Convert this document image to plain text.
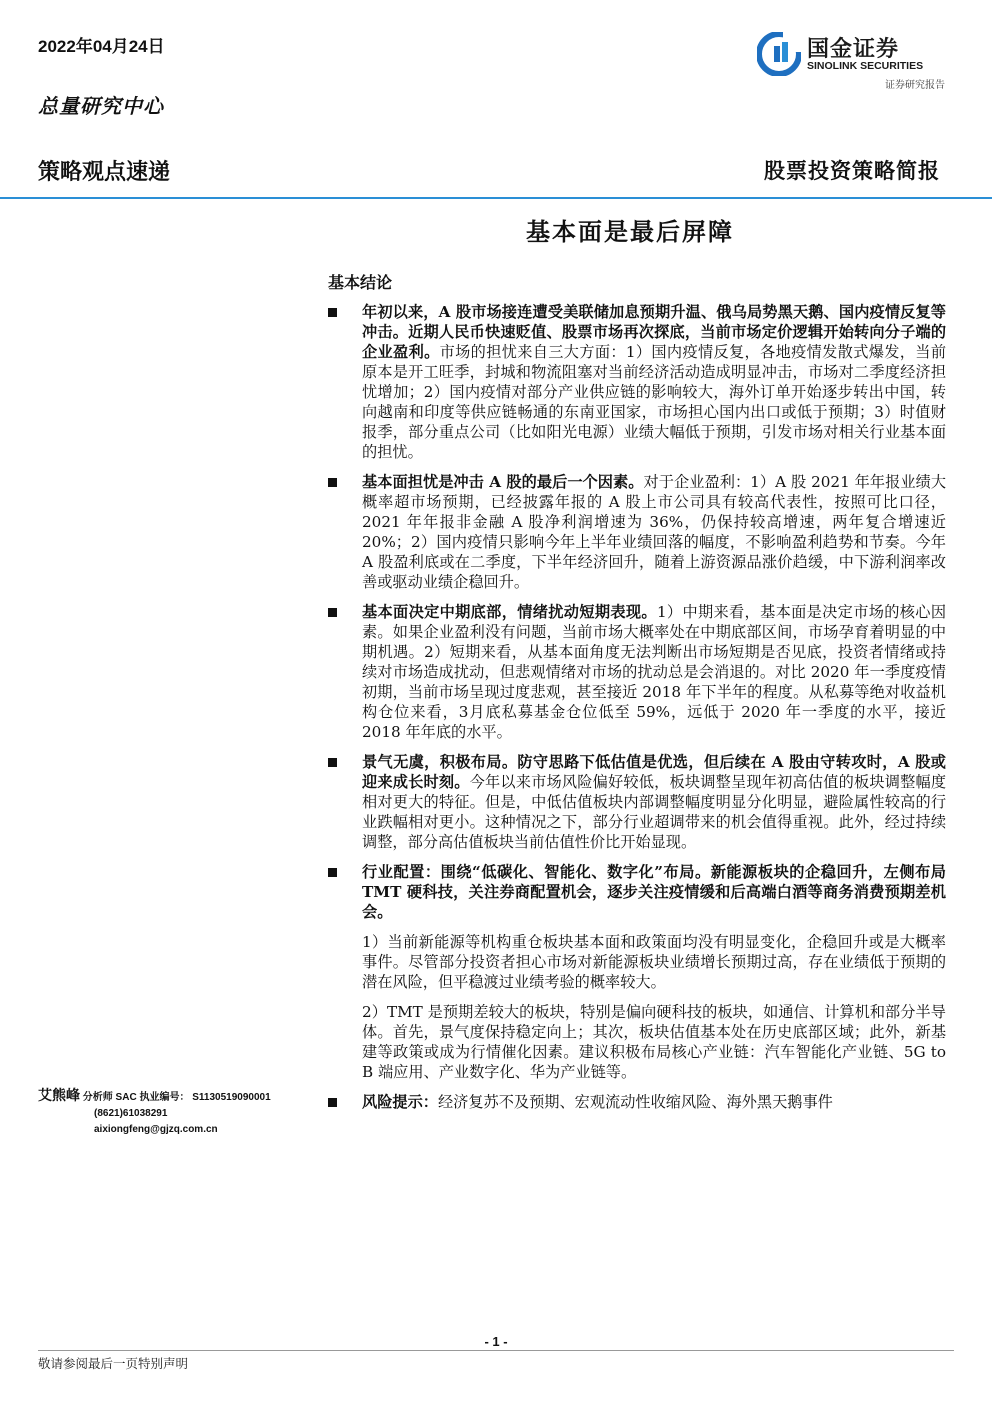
2022年04月24日
总量研究中心
国金证券
SINOLINK SECURITIES
证券研究报告
策略观点速递	股票投资策略简报
基本面是最后屏障
基本结论
年初以来，A 股市场接连遭受美联储加息预期升温、俄乌局势黑天鹅、国内疫情反复等冲击。近期人民币快速贬值、股票市场再次探底，当前市场定价逻辑开始转向分子端的企业盈利。市场的担忧来自三大方面：1）国内疫情反复，各地疫情发散式爆发，当前原本是开工旺季，封城和物流阻塞对当前经济活动造成明显冲击，市场对二季度经济担忧增加；2）国内疫情对部分产业供应链的影响较大，海外订单开始逐步转出中国，转向越南和印度等供应链畅通的东南亚国家，市场担心国内出口或低于预期；3）时值财报季，部分重点公司（比如阳光电源）业绩大幅低于预期，引发市场对相关行业基本面的担忧。
基本面担忧是冲击 A 股的最后一个因素。对于企业盈利：1）A 股 2021 年年报业绩大概率超市场预期，已经披露年报的 A 股上市公司具有较高代表性，按照可比口径，2021 年年报非金融 A 股净利润增速为 36%，仍保持较高增速，两年复合增速近 20%；2）国内疫情只影响今年上半年业绩回落的幅度，不影响盈利趋势和节奏。今年 A 股盈利底或在二季度，下半年经济回升，随着上游资源品涨价趋缓，中下游利润率改善或驱动业绩企稳回升。
基本面决定中期底部，情绪扰动短期表现。1）中期来看，基本面是决定市场的核心因素。如果企业盈利没有问题，当前市场大概率处在中期底部区间，市场孕育着明显的中期机遇。2）短期来看，从基本面角度无法判断出市场短期是否见底，投资者情绪或持续对市场造成扰动，但悲观情绪对市场的扰动总是会消退的。对比 2020 年一季度疫情初期，当前市场呈现过度悲观，甚至接近 2018 年下半年的程度。从私募等绝对收益机构仓位来看，3月底私募基金仓位低至 59%，远低于 2020 年一季度的水平，接近 2018 年年底的水平。
景气无虞，积极布局。防守思路下低估值是优选，但后续在 A 股由守转攻时，A 股或迎来成长时刻。今年以来市场风险偏好较低，板块调整呈现年初高估值的板块调整幅度相对更大的特征。但是，中低估值板块内部调整幅度明显分化明显，避险属性较高的行业跌幅相对更小。这种情况之下，部分行业超调带来的机会值得重视。此外，经过持续调整，部分高估值板块当前估值性价比开始显现。
行业配置：围绕“低碳化、智能化、数字化”布局。新能源板块的企稳回升，左侧布局 TMT 硬科技，关注券商配置机会，逐步关注疫情缓和后高端白酒等商务消费预期差机会。
1）当前新能源等机构重仓板块基本面和政策面均没有明显变化，企稳回升或是大概率事件。尽管部分投资者担心市场对新能源板块业绩增长预期过高，存在业绩低于预期的潜在风险，但平稳渡过业绩考验的概率较大。
2）TMT 是预期差较大的板块，特别是偏向硬科技的板块，如通信、计算机和部分半导体。首先，景气度保持稳定向上；其次，板块估值基本处在历史底部区域；此外，新基建等政策或成为行情催化因素。建议积极布局核心产业链：汽车智能化产业链、5G to B 端应用、产业数字化、华为产业链等。
风险提示：经济复苏不及预期、宏观流动性收缩风险、海外黑天鹅事件
艾熊峰 分析师 SAC 执业编号： S1130519090001
(8621)61038291
aixiongfeng@gjzq.com.cn
- 1 -
敬请参阅最后一页特别声明
